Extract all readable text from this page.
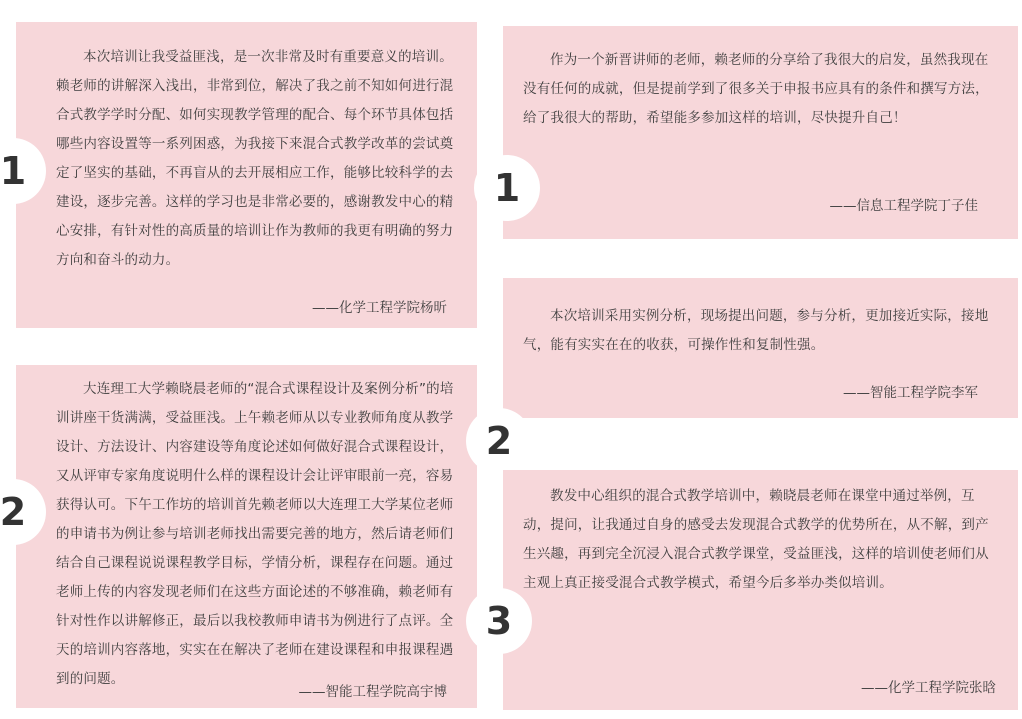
本次培训让我受益匪浅，是一次非常及时有重要意义的培训。赖老师的讲解深入浅出，非常到位，解决了我之前不知如何进行混合式教学学时分配、如何实现教学管理的配合、每个环节具体包括哪些内容设置等一系列困惑，为我接下来混合式教学改革的尝试奠定了坚实的基础，不再盲从的去开展相应工作，能够比较科学的去建设，逐步完善。这样的学习也是非常必要的，感谢教发中心的精心安排，有针对性的高质量的培训让作为教师的我更有明确的努力方向和奋斗的动力。

——化学工程学院杨昕
1

大连理工大学赖晓晨老师的“混合式课程设计及案例分析”的培训讲座干货满满，受益匪浅。上午赖老师从以专业教师角度从教学设计、方法设计、内容建设等角度论述如何做好混合式课程设计，又从评审专家角度说明什么样的课程设计会让评审眼前一亮，容易获得认可。下午工作坊的培训首先赖老师以大连理工大学某位老师的申请书为例让参与培训老师找出需要完善的地方，然后请老师们结合自己课程说说课程教学目标，学情分析，课程存在问题。通过老师上传的内容发现老师们在这些方面论述的不够准确，赖老师有针对性作以讲解修正，最后以我校教师申请书为例进行了点评。全天的培训内容落地，实实在在解决了老师在建设课程和申报课程遇到的问题。

——智能工程学院高宇博
2

作为一个新晋讲师的老师，赖老师的分享给了我很大的启发，虽然我现在没有任何的成就，但是提前学到了很多关于申报书应具有的条件和撰写方法，给了我很大的帮助，希望能多参加这样的培训，尽快提升自己！

——信息工程学院丁子佳
1

本次培训采用实例分析，现场提出问题，参与分析，更加接近实际，接地气，能有实实在在的收获，可操作性和复制性强。

——智能工程学院李军
2

教发中心组织的混合式教学培训中，赖晓晨老师在课堂中通过举例，互动，提问，让我通过自身的感受去发现混合式教学的优势所在，从不解，到产生兴趣，再到完全沉浸入混合式教学课堂，受益匪浅，这样的培训使老师们从主观上真正接受混合式教学模式，希望今后多举办类似培训。

——化学工程学院张晗
3
